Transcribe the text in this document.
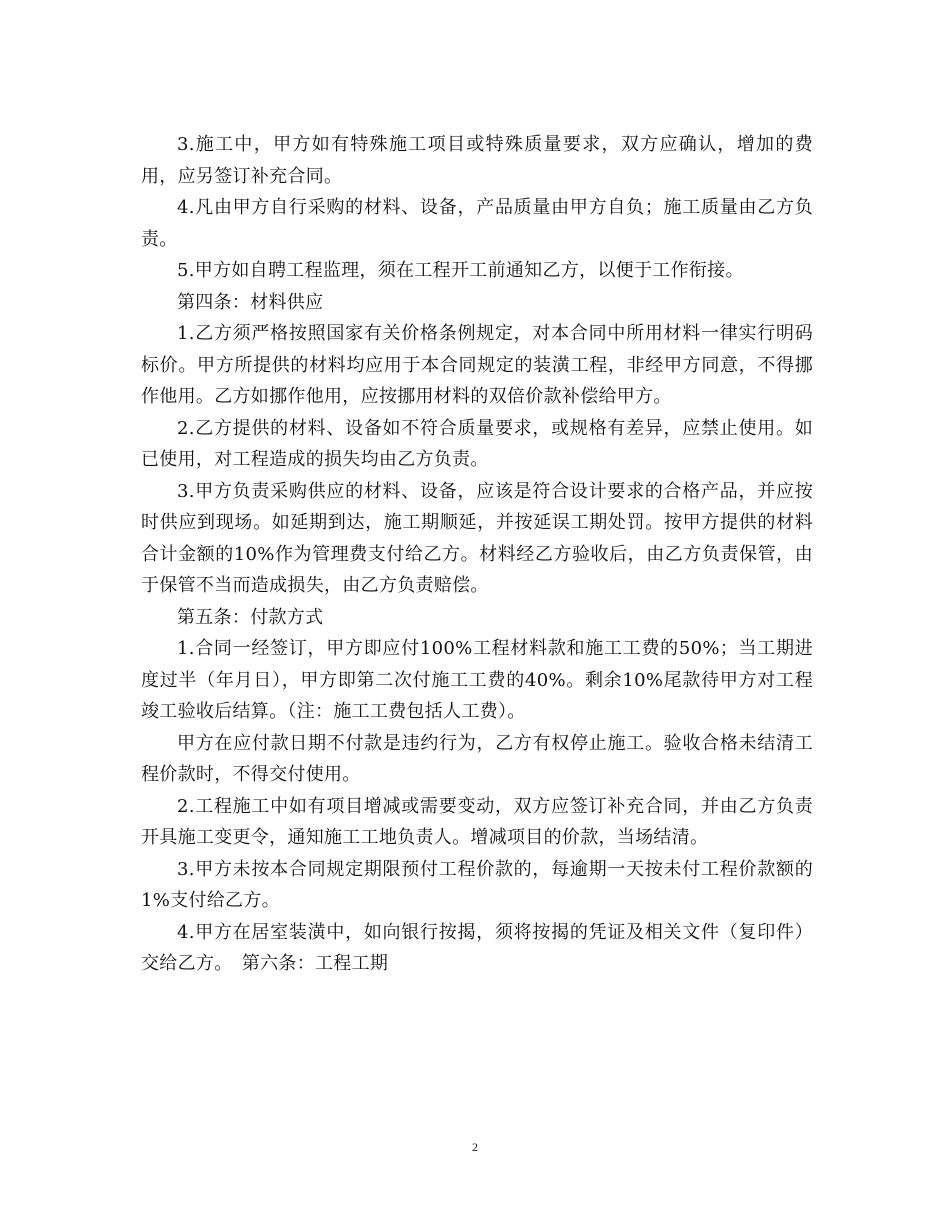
3.施工中，甲方如有特殊施工项目或特殊质量要求，双方应确认，增加的费用，应另签订补充合同。

4.凡由甲方自行采购的材料、设备，产品质量由甲方自负；施工质量由乙方负责。

5.甲方如自聘工程监理，须在工程开工前通知乙方，以便于工作衔接。

第四条：材料供应

1.乙方须严格按照国家有关价格条例规定，对本合同中所用材料一律实行明码标价。甲方所提供的材料均应用于本合同规定的装潢工程，非经甲方同意，不得挪作他用。乙方如挪作他用，应按挪用材料的双倍价款补偿给甲方。

2.乙方提供的材料、设备如不符合质量要求，或规格有差异，应禁止使用。如已使用，对工程造成的损失均由乙方负责。

3.甲方负责采购供应的材料、设备，应该是符合设计要求的合格产品，并应按时供应到现场。如延期到达，施工期顺延，并按延误工期处罚。按甲方提供的材料合计金额的10%作为管理费支付给乙方。材料经乙方验收后，由乙方负责保管，由于保管不当而造成损失，由乙方负责赔偿。

第五条：付款方式

1.合同一经签订，甲方即应付100%工程材料款和施工工费的50%；当工期进度过半（年月日），甲方即第二次付施工工费的40%。剩余10%尾款待甲方对工程竣工验收后结算。（注：施工工费包括人工费）。

甲方在应付款日期不付款是违约行为，乙方有权停止施工。验收合格未结清工程价款时，不得交付使用。

2.工程施工中如有项目增减或需要变动，双方应签订补充合同，并由乙方负责开具施工变更令，通知施工工地负责人。增减项目的价款，当场结清。

3.甲方未按本合同规定期限预付工程价款的，每逾期一天按未付工程价款额的1%支付给乙方。

4.甲方在居室装潢中，如向银行按揭，须将按揭的凭证及相关文件（复印件）交给乙方。　第六条：工程工期

2
